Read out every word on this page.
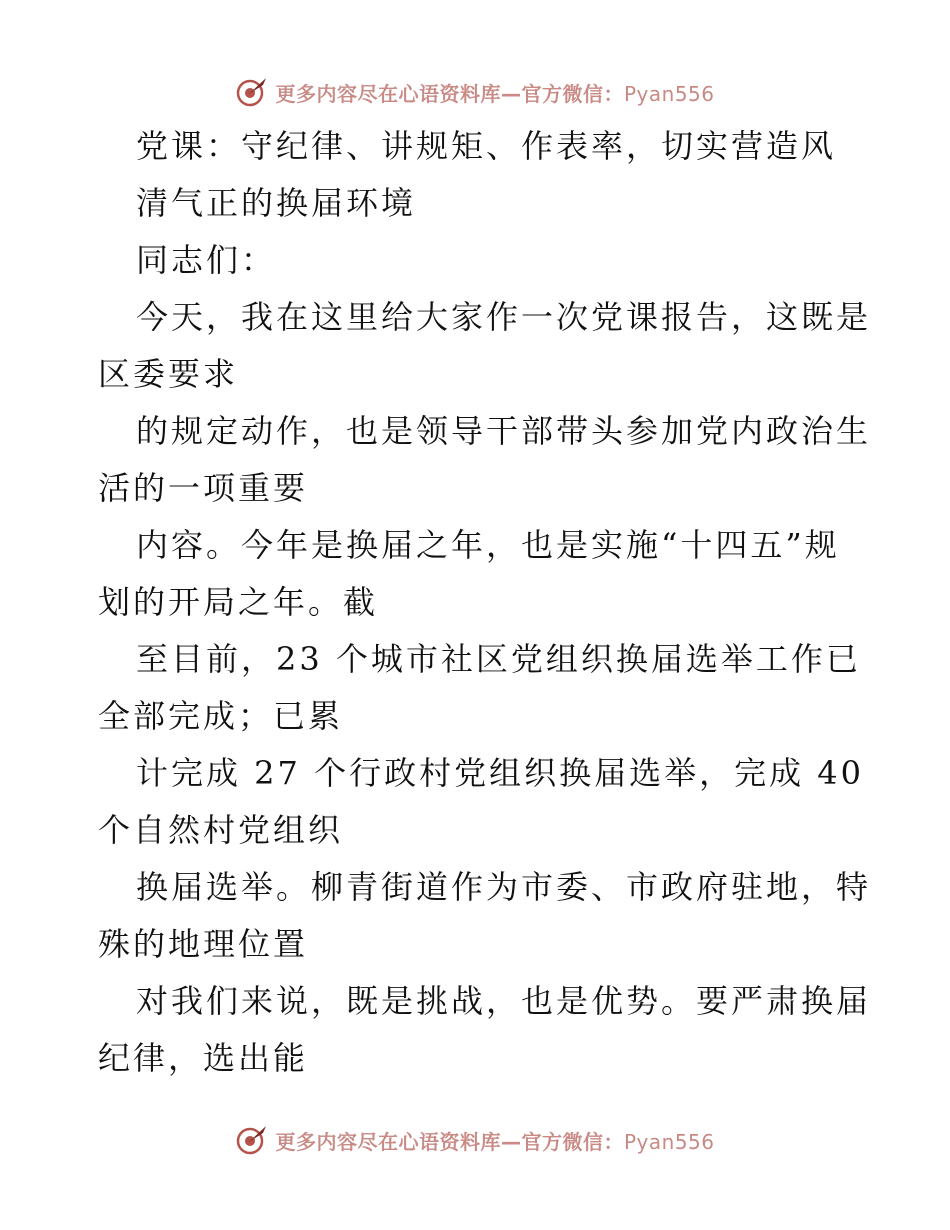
更多内容尽在心语资料库—官方微信：Pyan556
党课：守纪律、讲规矩、作表率，切实营造风
清气正的换届环境
同志们：
今天，我在这里给大家作一次党课报告，这既是
区委要求
的规定动作，也是领导干部带头参加党内政治生
活的一项重要
内容。今年是换届之年，也是实施“十四五”规
划的开局之年。截
至目前，23 个城市社区党组织换届选举工作已
全部完成；已累
计完成 27 个行政村党组织换届选举，完成 40
个自然村党组织
换届选举。柳青街道作为市委、市政府驻地，特
殊的地理位置
对我们来说，既是挑战，也是优势。要严肃换届
纪律，选出能
更多内容尽在心语资料库—官方微信：Pyan556
